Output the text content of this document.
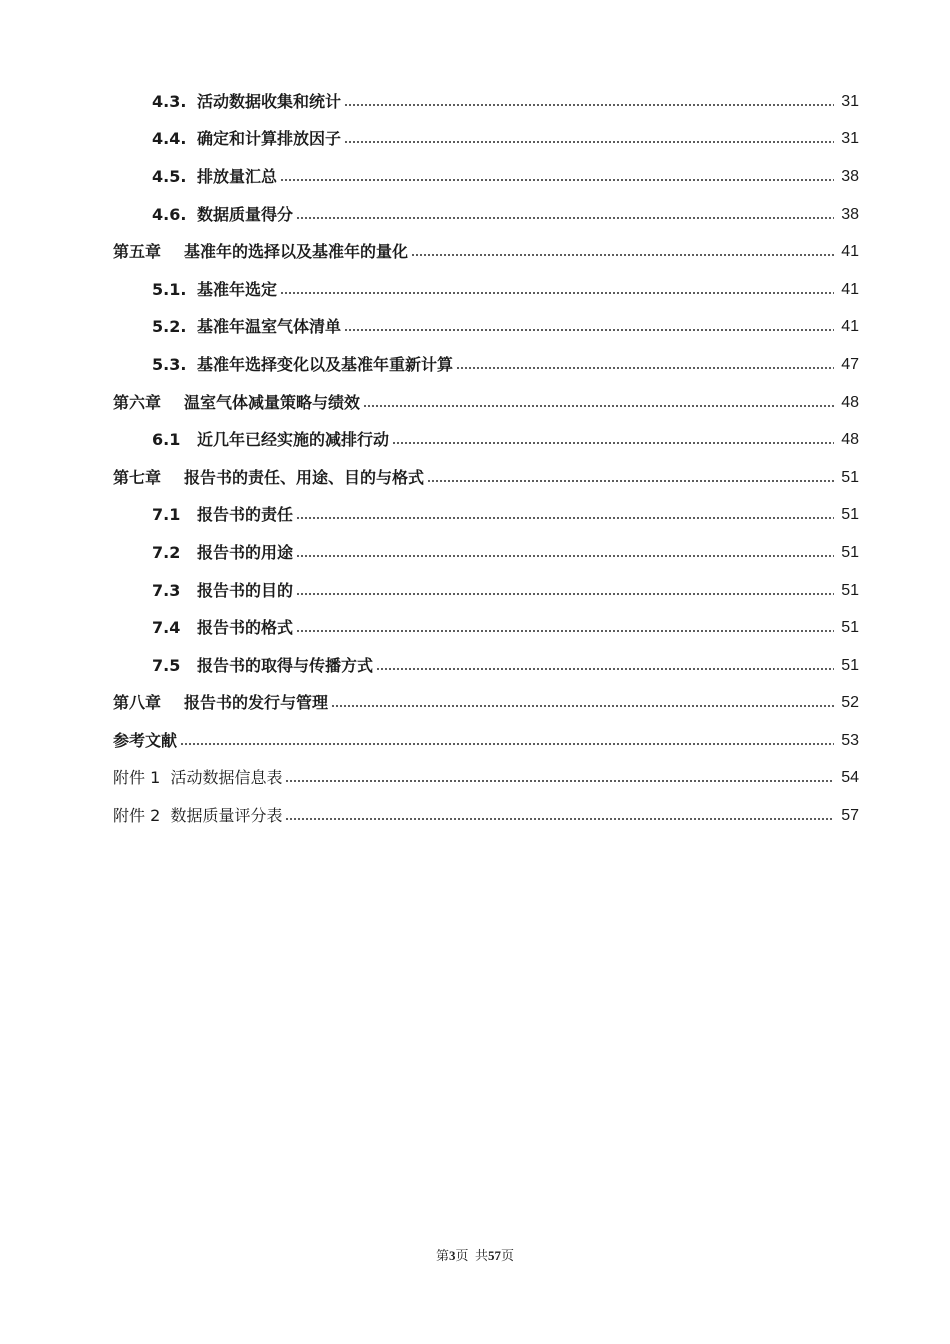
4.3. 活动数据收集和统计	31
4.4. 确定和计算排放因子	31
4.5. 排放量汇总	38
4.6. 数据质量得分	38
第五章	基准年的选择以及基准年的量化	41
5.1. 基准年选定	41
5.2. 基准年温室气体清单	41
5.3. 基准年选择变化以及基准年重新计算	47
第六章	温室气体减量策略与绩效	48
6.1	近几年已经实施的减排行动	48
第七章	报告书的责任、用途、目的与格式	51
7.1	报告书的责任	51
7.2	报告书的用途	51
7.3	报告书的目的	51
7.4	报告书的格式	51
7.5	报告书的取得与传播方式	51
第八章	报告书的发行与管理	52
参考文献	53
附件 1  活动数据信息表	54
附件 2  数据质量评分表	57
第3页  共57页
